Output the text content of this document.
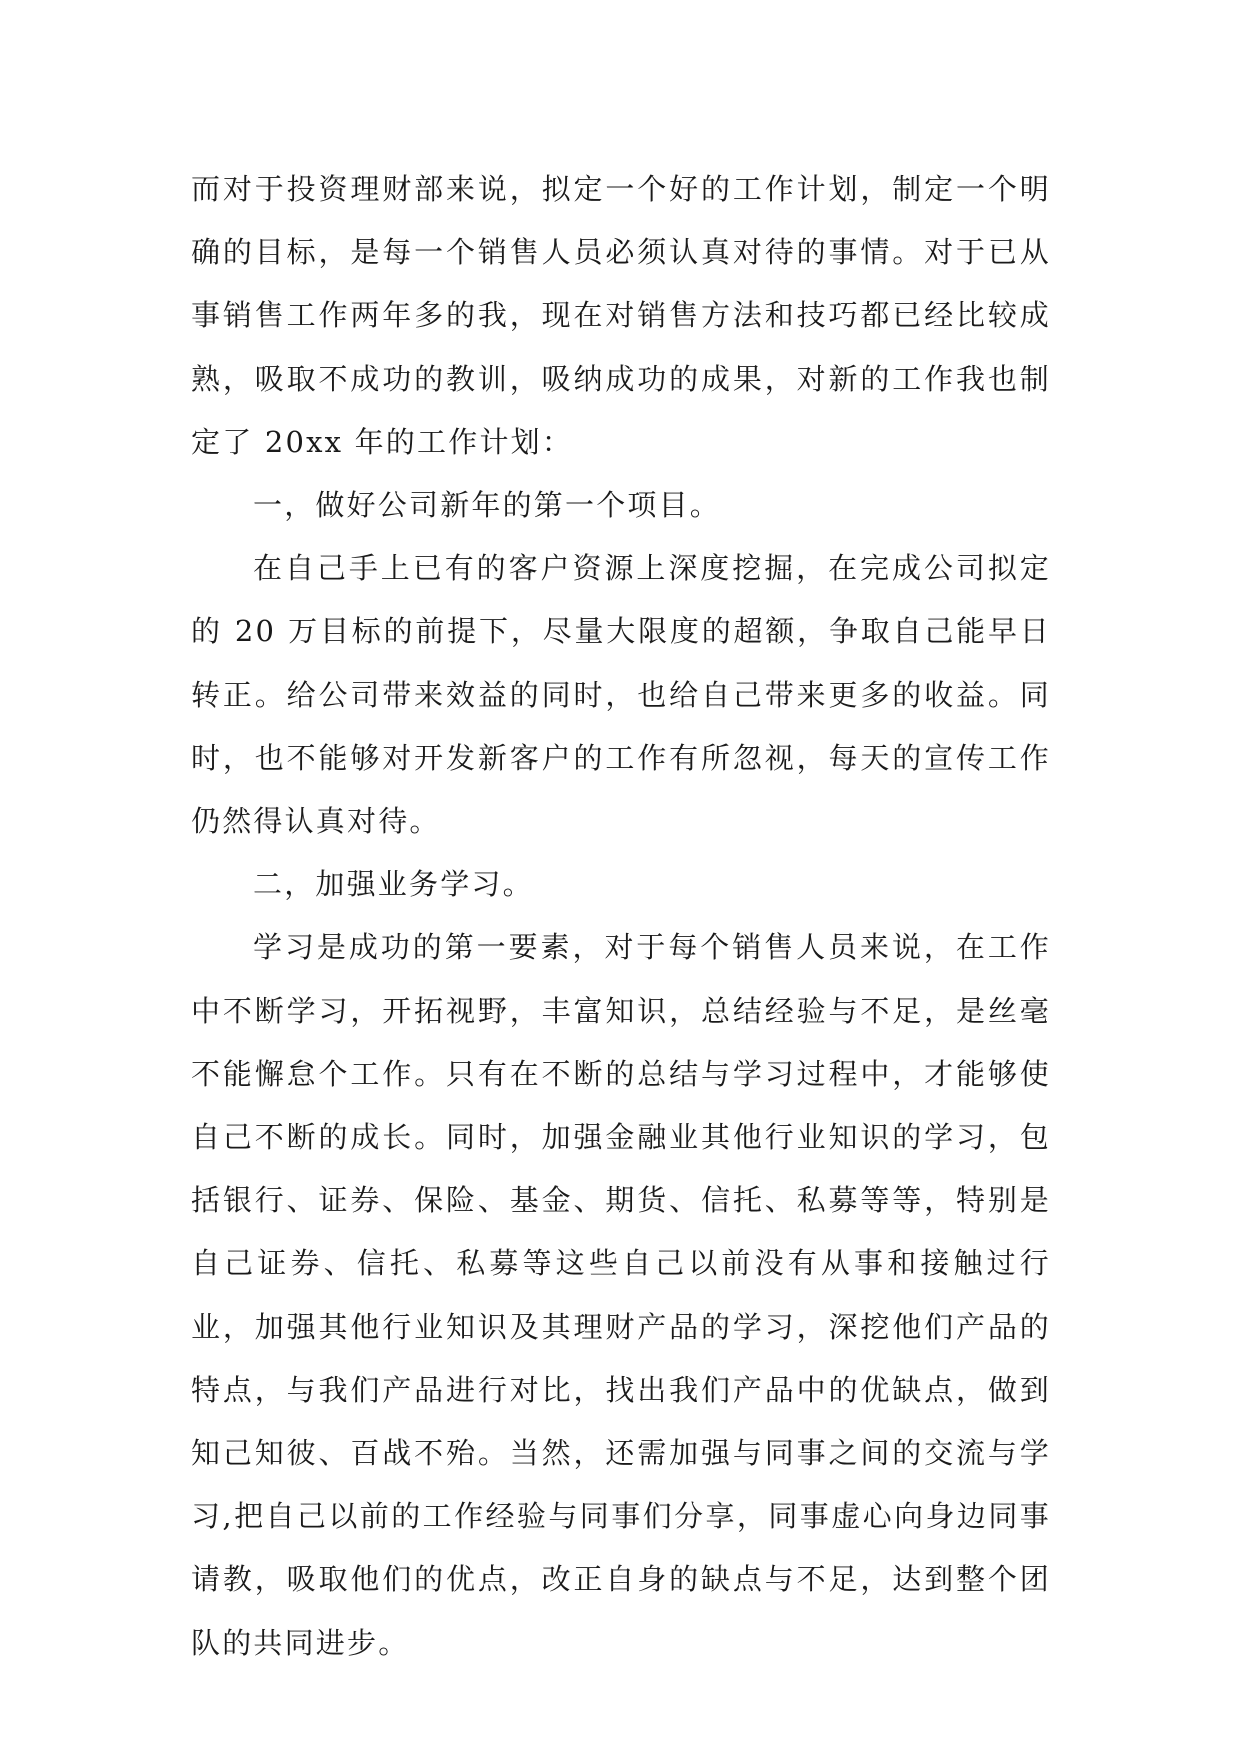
而对于投资理财部来说，拟定一个好的工作计划，制定一个明确的目标，是每一个销售人员必须认真对待的事情。对于已从事销售工作两年多的我，现在对销售方法和技巧都已经比较成熟，吸取不成功的教训，吸纳成功的成果，对新的工作我也制定了 20xx 年的工作计划：

一，做好公司新年的第一个项目。

在自己手上已有的客户资源上深度挖掘，在完成公司拟定的 20 万目标的前提下，尽量大限度的超额，争取自己能早日转正。给公司带来效益的同时，也给自己带来更多的收益。同时，也不能够对开发新客户的工作有所忽视，每天的宣传工作仍然得认真对待。

二，加强业务学习。

学习是成功的第一要素，对于每个销售人员来说，在工作中不断学习，开拓视野，丰富知识，总结经验与不足，是丝毫不能懈怠个工作。只有在不断的总结与学习过程中，才能够使自己不断的成长。同时，加强金融业其他行业知识的学习，包括银行、证券、保险、基金、期货、信托、私募等等，特别是自己证券、信托、私募等这些自己以前没有从事和接触过行业，加强其他行业知识及其理财产品的学习，深挖他们产品的特点，与我们产品进行对比，找出我们产品中的优缺点，做到知己知彼、百战不殆。当然，还需加强与同事之间的交流与学习,把自己以前的工作经验与同事们分享，同事虚心向身边同事请教，吸取他们的优点，改正自身的缺点与不足，达到整个团队的共同进步。
